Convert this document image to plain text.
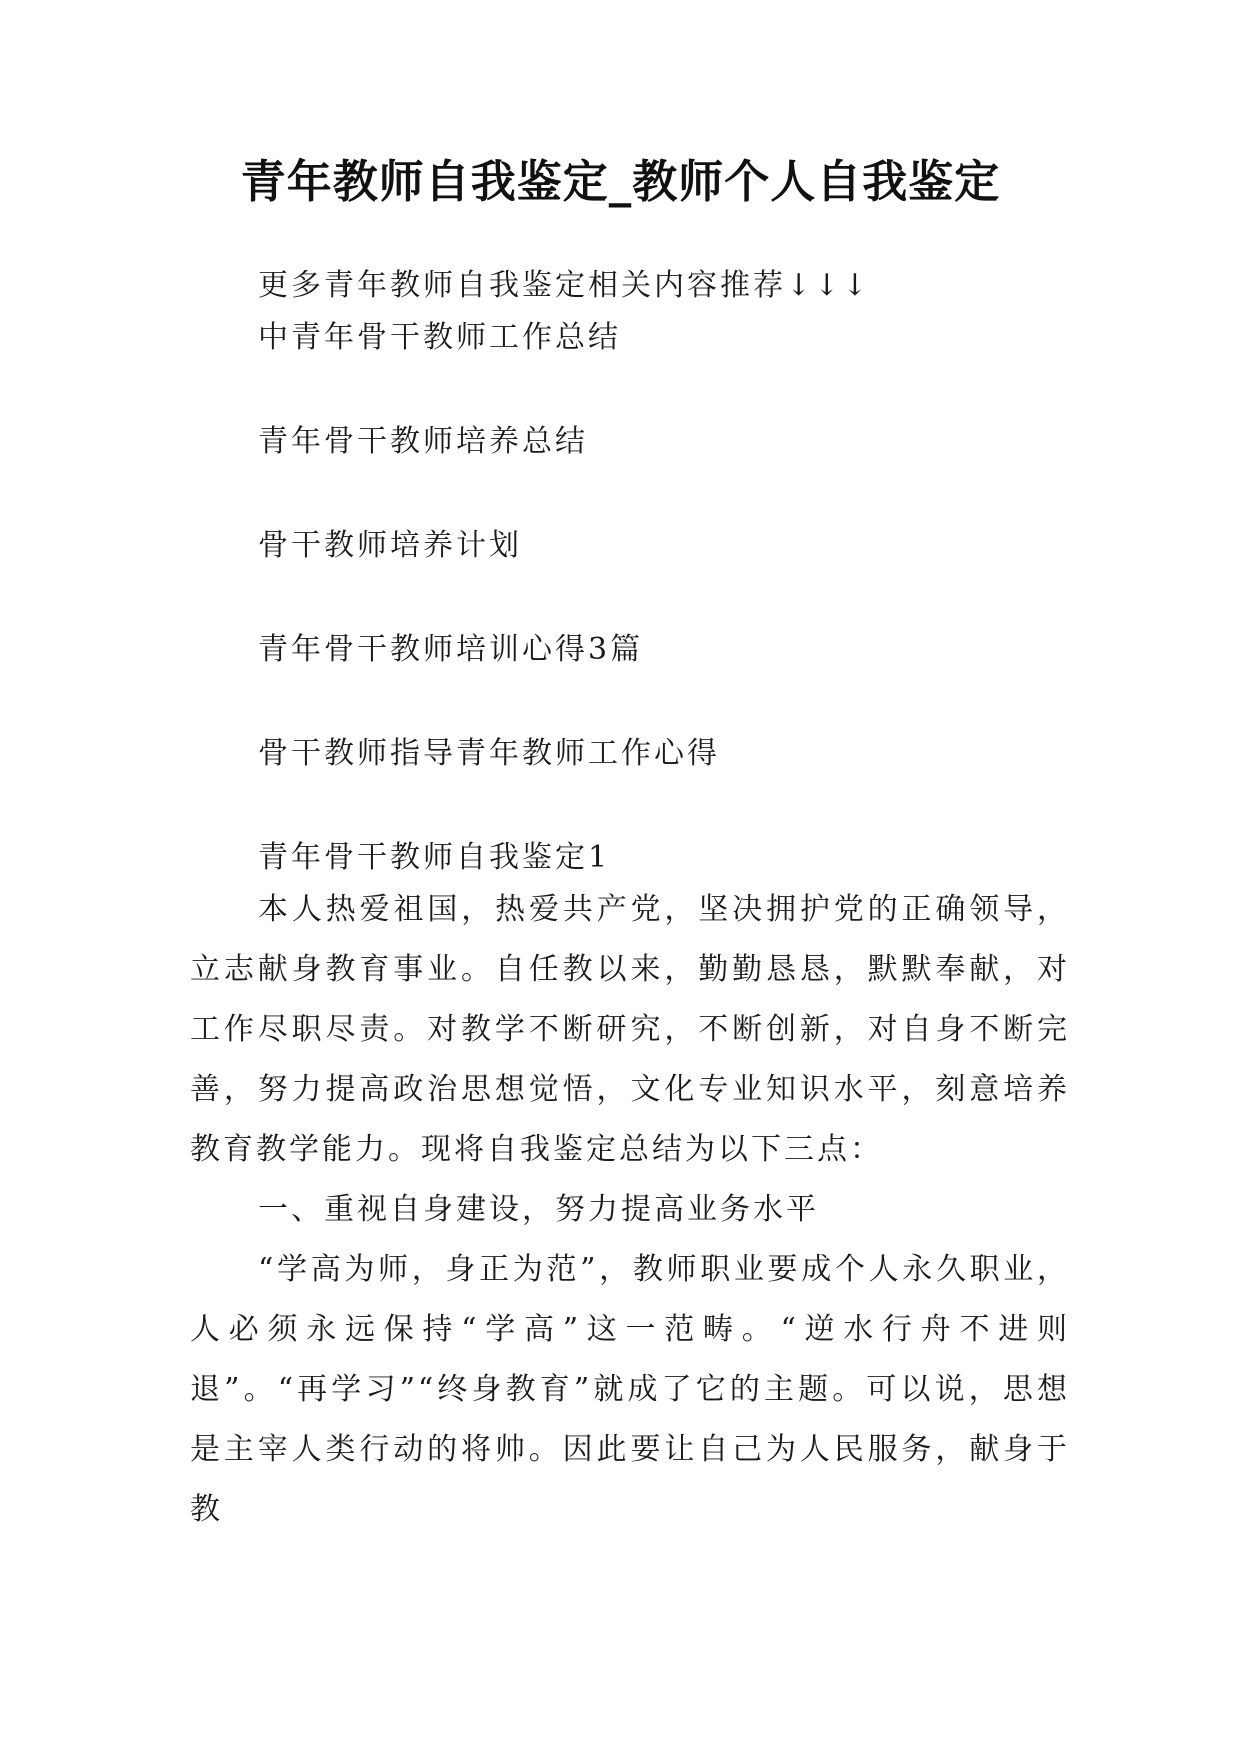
青年教师自我鉴定_教师个人自我鉴定
更多青年教师自我鉴定相关内容推荐↓↓↓
中青年骨干教师工作总结
青年骨干教师培养总结
骨干教师培养计划
青年骨干教师培训心得3篇
骨干教师指导青年教师工作心得
青年骨干教师自我鉴定1
本人热爱祖国，热爱共产党，坚决拥护党的正确领导，立志献身教育事业。自任教以来，勤勤恳恳，默默奉献，对工作尽职尽责。对教学不断研究，不断创新，对自身不断完善，努力提高政治思想觉悟，文化专业知识水平，刻意培养教育教学能力。现将自我鉴定总结为以下三点：
一、重视自身建设，努力提高业务水平
“学高为师，身正为范”，教师职业要成个人永久职业，人必须永远保持“学高”这一范畴。“逆水行舟不进则退”。“再学习”“终身教育”就成了它的主题。可以说，思想是主宰人类行动的将帅。因此要让自己为人民服务，献身于教
